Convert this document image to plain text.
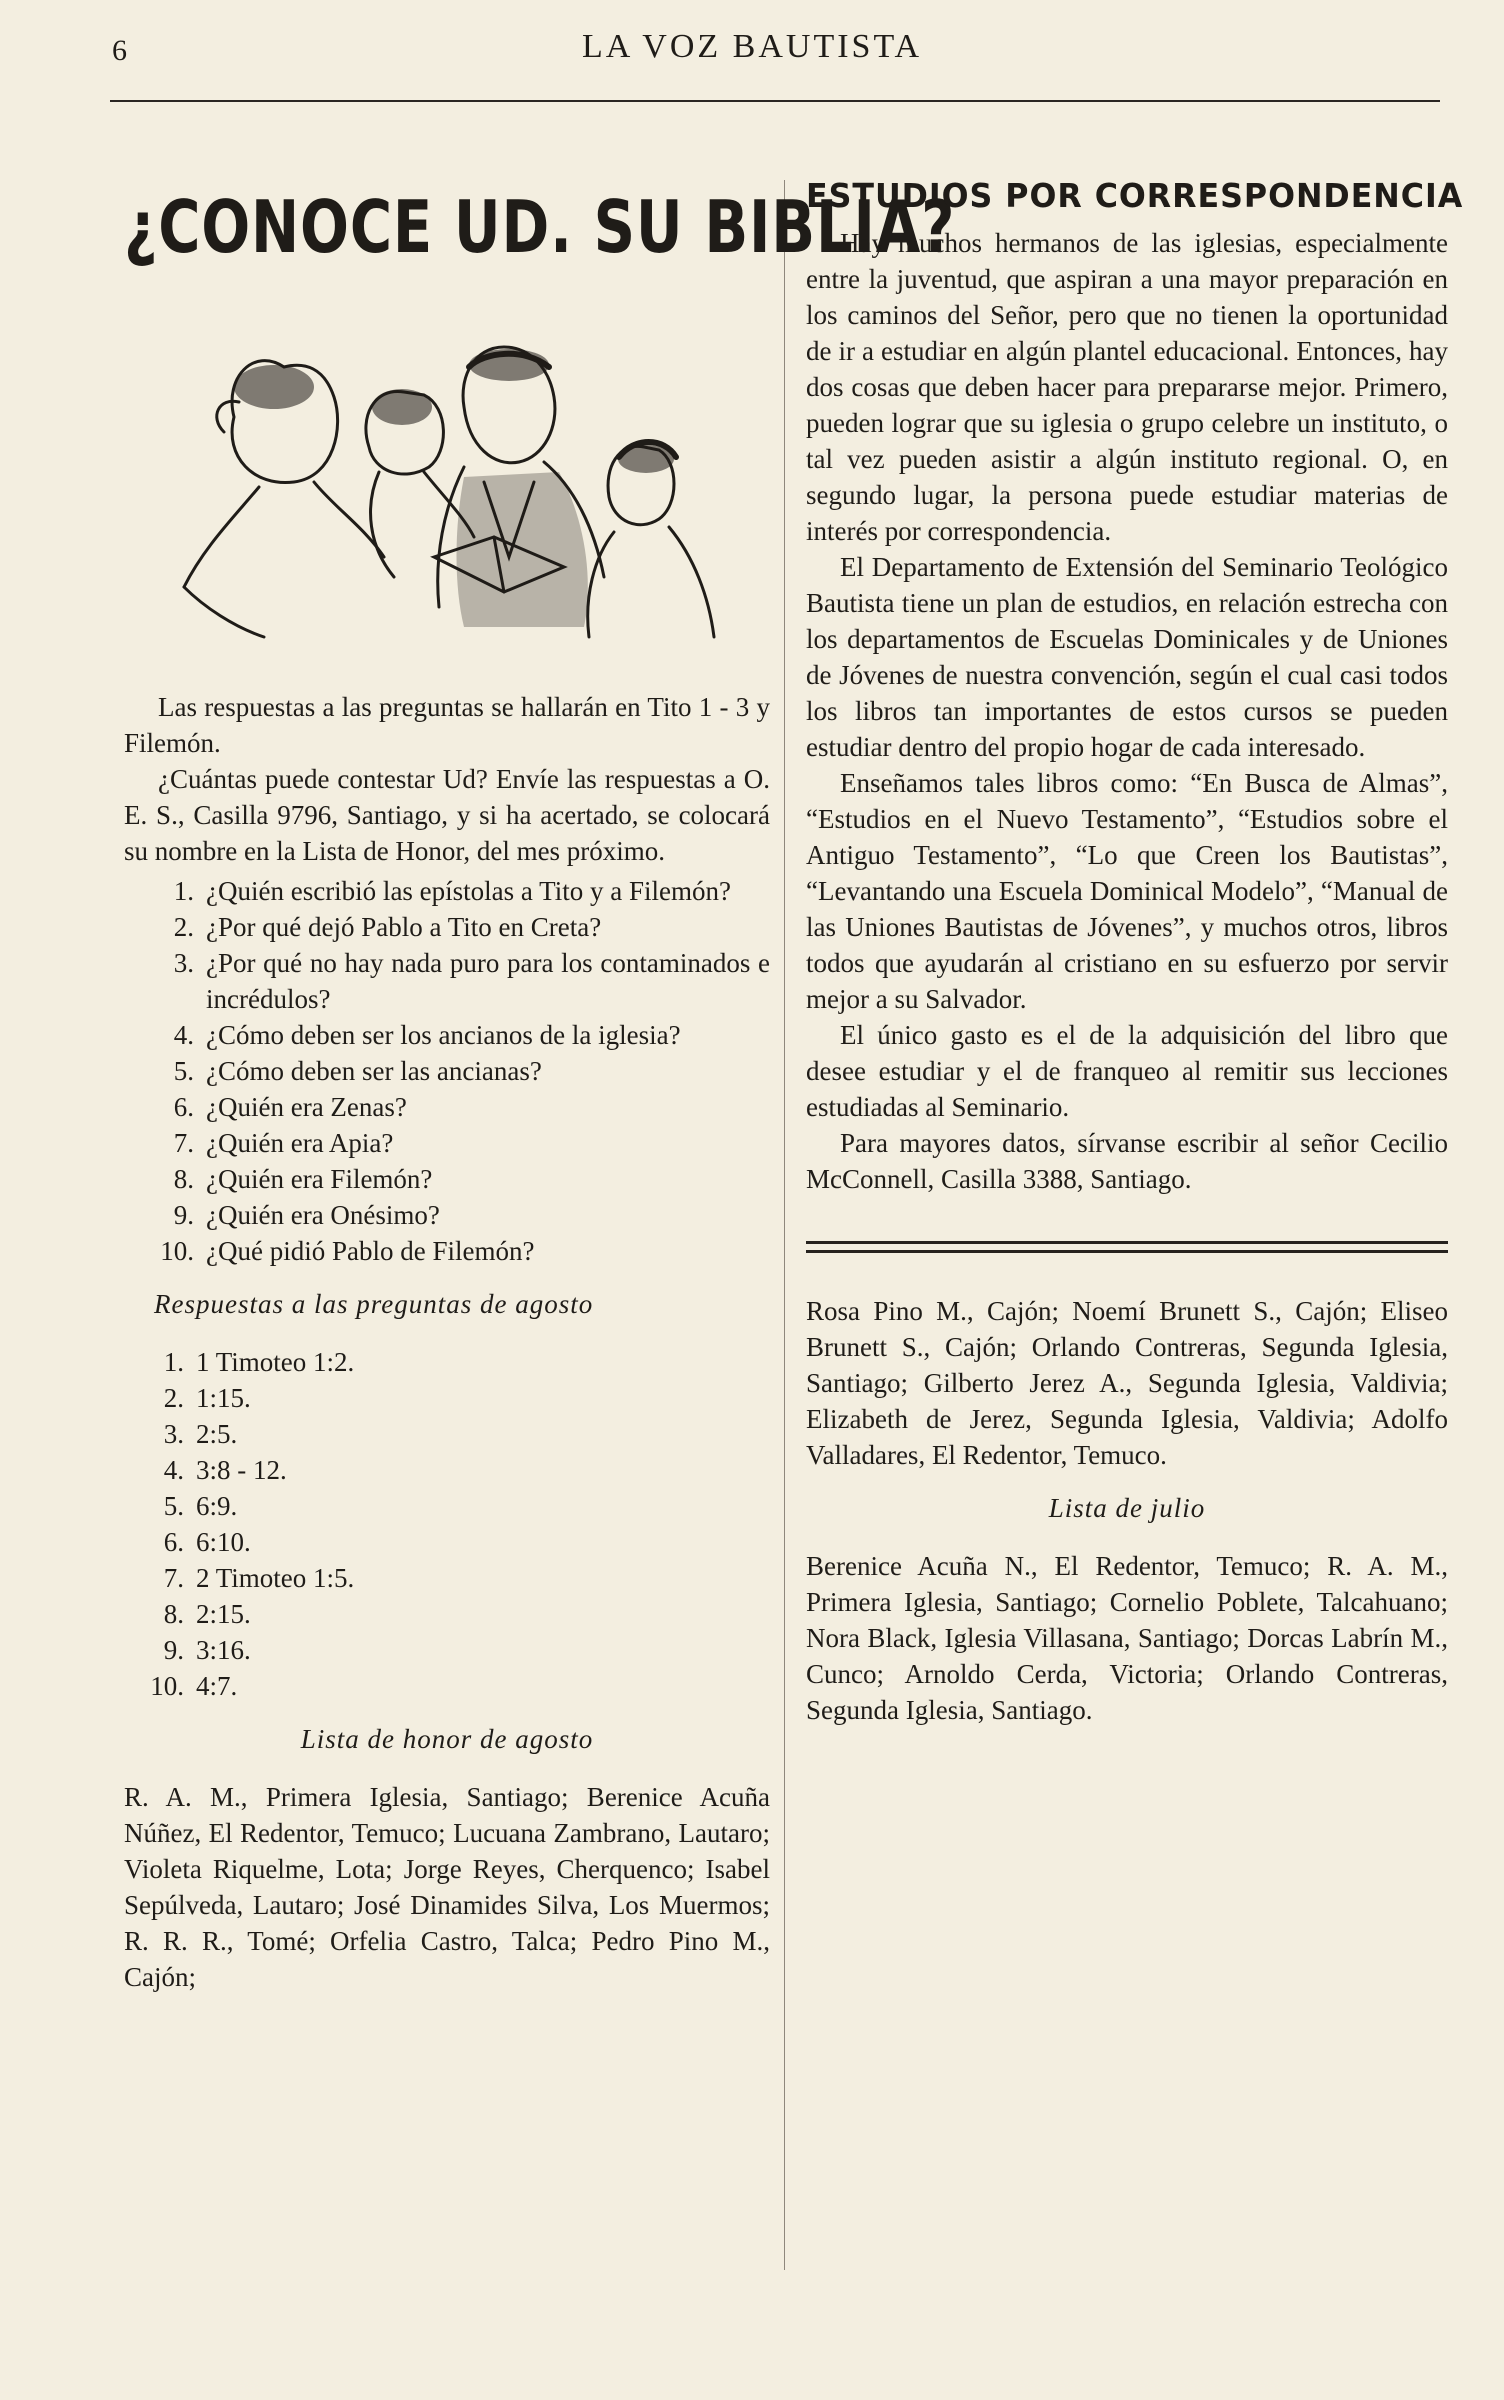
6	LA VOZ BAUTISTA
¿CONOCE UD. SU BIBLIA?

Las respuestas a las preguntas se hallarán en Tito 1 - 3 y Filemón.

¿Cuántas puede contestar Ud? Envíe las respuestas a O. E. S., Casilla 9796, Santiago, y si ha acertado, se colocará su nombre en la Lista de Honor, del mes próximo.

1. ¿Quién escribió las epístolas a Tito y a Filemón?
2. ¿Por qué dejó Pablo a Tito en Creta?
3. ¿Por qué no hay nada puro para los contaminados e incrédulos?
4. ¿Cómo deben ser los ancianos de la iglesia?
5. ¿Cómo deben ser las ancianas?
6. ¿Quién era Zenas?
7. ¿Quién era Apia?
8. ¿Quién era Filemón?
9. ¿Quién era Onésimo?
10. ¿Qué pidió Pablo de Filemón?
Respuestas a las preguntas de agosto
1. 1 Timoteo 1:2.
2. 1:15.
3. 2:5.
4. 3:8 - 12.
5. 6:9.
6. 6:10.
7. 2 Timoteo 1:5.
8. 2:15.
9. 3:16.
10. 4:7.
Lista de honor de agosto

R. A. M., Primera Iglesia, Santiago; Berenice Acuña Núñez, El Redentor, Temuco; Lucuana Zambrano, Lautaro; Violeta Riquelme, Lota; Jorge Reyes, Cherquenco; Isabel Sepúlveda, Lautaro; José Dinamides Silva, Los Muermos; R. R. R., Tomé; Orfelia Castro, Talca; Pedro Pino M., Cajón;

ESTUDIOS POR CORRESPONDENCIA

Hay muchos hermanos de las iglesias, especialmente entre la juventud, que aspiran a una mayor preparación en los caminos del Señor, pero que no tienen la oportunidad de ir a estudiar en algún plantel educacional. Entonces, hay dos cosas que deben hacer para prepararse mejor. Primero, pueden lograr que su iglesia o grupo celebre un instituto, o tal vez pueden asistir a algún instituto regional. O, en segundo lugar, la persona puede estudiar materias de interés por correspondencia.

El Departamento de Extensión del Seminario Teológico Bautista tiene un plan de estudios, en relación estrecha con los departamentos de Escuelas Dominicales y de Uniones de Jóvenes de nuestra convención, según el cual casi todos los libros tan importantes de estos cursos se pueden estudiar dentro del propio hogar de cada interesado.

Enseñamos tales libros como: “En Busca de Almas”, “Estudios en el Nuevo Testamento”, “Estudios sobre el Antiguo Testamento”, “Lo que Creen los Bautistas”, “Levantando una Escuela Dominical Modelo”, “Manual de las Uniones Bautistas de Jóvenes”, y muchos otros, libros todos que ayudarán al cristiano en su esfuerzo por servir mejor a su Salvador.

El único gasto es el de la adquisición del libro que desee estudiar y el de franqueo al remitir sus lecciones estudiadas al Seminario.

Para mayores datos, sírvanse escribir al señor Cecilio McConnell, Casilla 3388, Santiago.

Rosa Pino M., Cajón; Noemí Brunett S., Cajón; Eliseo Brunett S., Cajón; Orlando Contreras, Segunda Iglesia, Santiago; Gilberto Jerez A., Segunda Iglesia, Valdivia; Elizabeth de Jerez, Segunda Iglesia, Valdivia; Adolfo Valladares, El Redentor, Temuco.

Lista de julio

Berenice Acuña N., El Redentor, Temuco; R. A. M., Primera Iglesia, Santiago; Cornelio Poblete, Talcahuano; Nora Black, Iglesia Villasana, Santiago; Dorcas Labrín M., Cunco; Arnoldo Cerda, Victoria; Orlando Contreras, Segunda Iglesia, Santiago.
